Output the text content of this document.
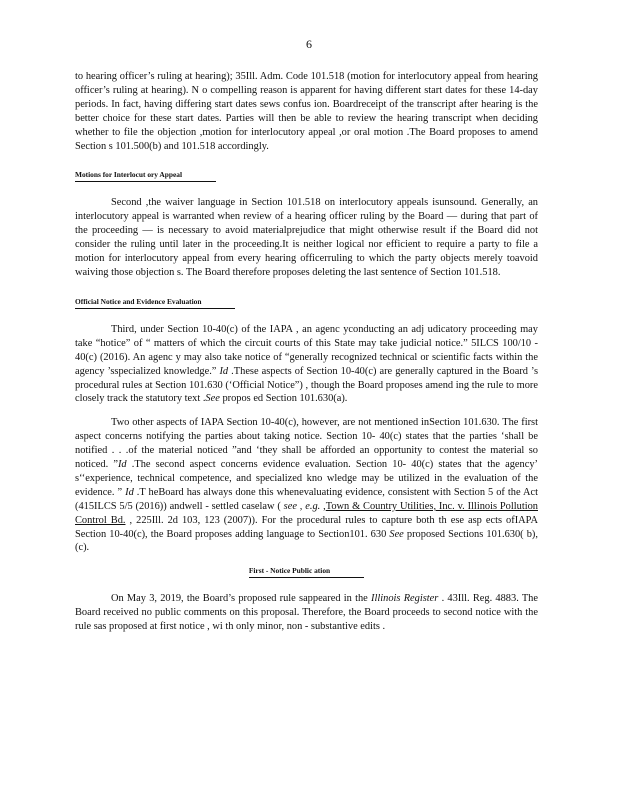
6

to hearing officer’s ruling at hearing); 35Ill. Adm. Code 101.518 (motion for interlocutory appeal from hearing officer’s ruling at hearing). N o compelling reason is apparent for having different start dates for these 14-day periods. In fact, having differing start dates sews confus ion. Boardreceipt of the transcript after hearing is the better choice for these start dates. Parties will then be able to review the hearing transcript when deciding whether to file the objection ,motion for interlocutory appeal ,or oral motion .The Board proposes to amend Section s 101.500(b) and 101.518 accordingly.

Motions for Interlocut ory Appeal

Second ,the waiver language in Section 101.518 on interlocutory appeals isunsound. Generally, an interlocutory appeal is warranted when review of a hearing officer ruling by the Board — during that part of the proceeding — is necessary to avoid materialprejudice that might otherwise result if the Board did not consider the ruling until later in the proceeding.It is neither logical nor efficient to require a party to file a motion for interlocutory appeal from every hearing officerruling to which the party objects merely toavoid waiving those objection s. The Board therefore proposes deleting the last sentence of Section 101.518.

Official Notice and Evidence Evaluation

Third, under Section 10-40(c) of the IAPA , an agenc yconducting an adj udicatory proceeding may take “hotice” of “ matters of which the circuit courts of this State may take judicial notice.” 5ILCS 100/10 - 40(c) (2016). An agenc y may also take notice of “generally recognized technical or scientific facts within the agency ’sspecialized knowledge.” Id .These aspects of Section 10-40(c) are generally captured in the Board ’s procedural rules at Section 101.630 (‘Official Notice”) , though the Board proposes amend ing the rule to more closely track the statutory text .See propos ed Section 101.630(a).

Two other aspects of IAPA Section 10-40(c), however, are not mentioned inSection 101.630. The first aspect concerns notifying the parties about taking notice. Section 10- 40(c) states that the parties ‘shall be notified . . .of the material noticed ”and ‘they shall be afforded an opportunity to contest the material so noticed. ”Id .The second aspect concerns evidence evaluation. Section 10- 40(c) states that the agency’ s‘‘experience, technical competence, and specialized kno wledge may be utilized in the evaluation of the evidence. ” Id .T heBoard has always done this whenevaluating evidence, consistent with Section 5 of the Act (415ILCS 5/5 (2016)) andwell - settled caselaw ( see , e.g. ,Town & Country Utilities, Inc. v. Illinois Pollution Control Bd. , 225Ill. 2d 103, 123 (2007)). For the procedural rules to capture both th ese asp ects ofIAPA Section 10-40(c), the Board proposes adding language to Section101. 630 See proposed Sections 101.630( b), (c).

First - Notice Public ation

On May 3, 2019, the Board’s proposed rule sappeared in the Illinois Register . 43Ill. Reg. 4883. The Board received no public comments on this proposal. Therefore, the Board proceeds to second notice with the rule sas proposed at first notice , wi th only minor, non - substantive edits .
